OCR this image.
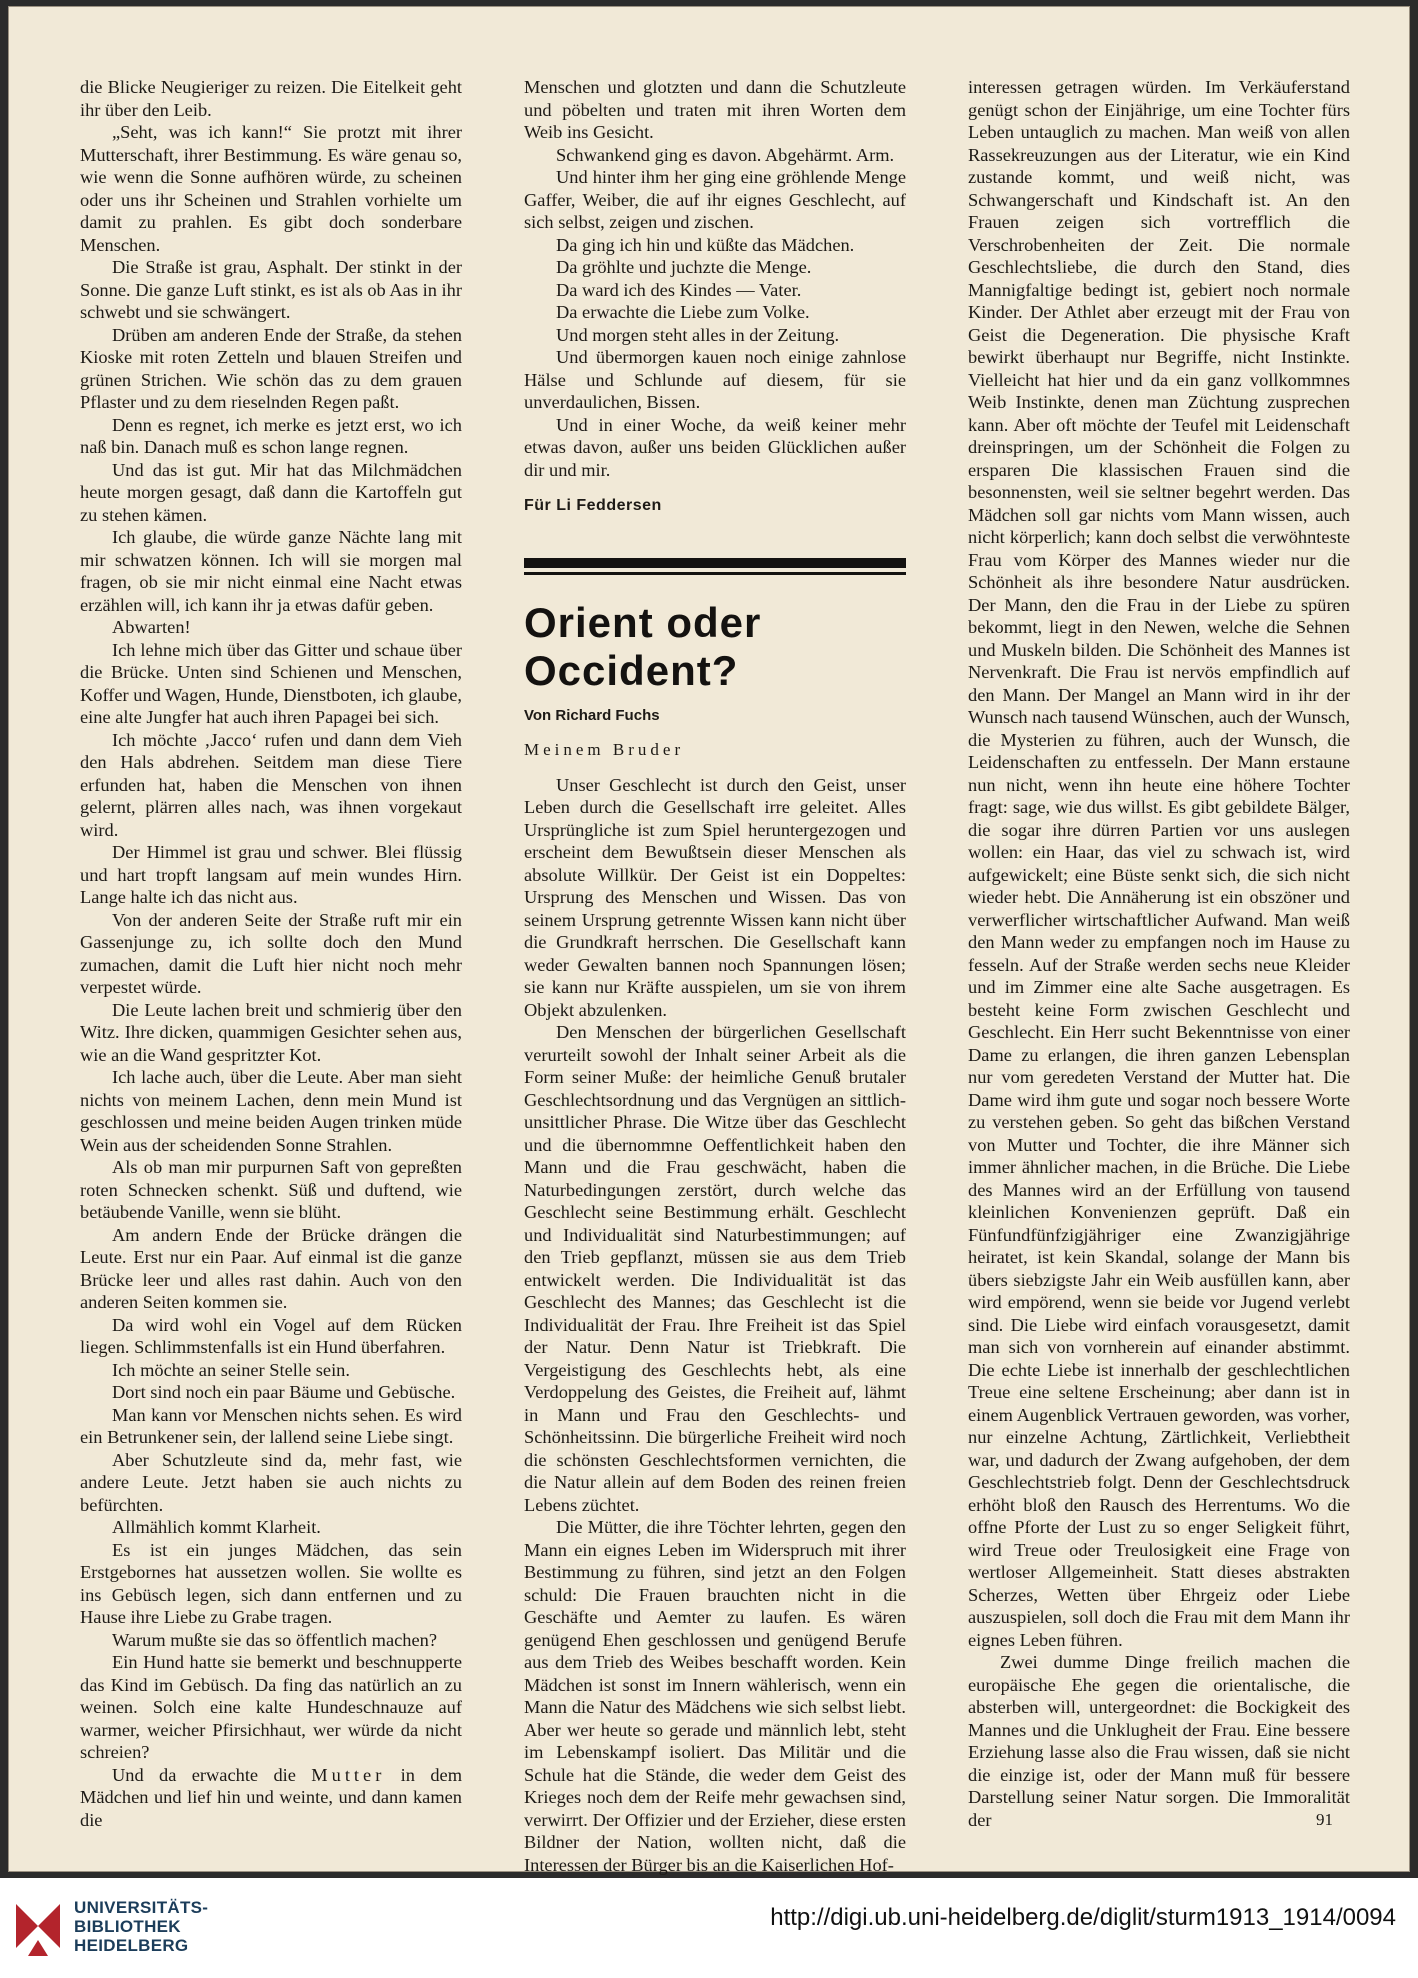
die Blicke Neugieriger zu reizen. Die Eitelkeit geht ihr über den Leib.

„Seht, was ich kann!“ Sie protzt mit ihrer Mutterschaft, ihrer Bestimmung. Es wäre genau so, wie wenn die Sonne aufhören würde, zu scheinen oder uns ihr Scheinen und Strahlen vorhielte um damit zu prahlen. Es gibt doch sonderbare Menschen.

Die Straße ist grau, Asphalt. Der stinkt in der Sonne. Die ganze Luft stinkt, es ist als ob Aas in ihr schwebt und sie schwängert.

Drüben am anderen Ende der Straße, da stehen Kioske mit roten Zetteln und blauen Streifen und grünen Strichen. Wie schön das zu dem grauen Pflaster und zu dem rieselnden Regen paßt.

Denn es regnet, ich merke es jetzt erst, wo ich naß bin. Danach muß es schon lange regnen.

Und das ist gut. Mir hat das Milchmädchen heute morgen gesagt, daß dann die Kartoffeln gut zu stehen kämen.

Ich glaube, die würde ganze Nächte lang mit mir schwatzen können. Ich will sie morgen mal fragen, ob sie mir nicht einmal eine Nacht etwas erzählen will, ich kann ihr ja etwas dafür geben.

Abwarten!

Ich lehne mich über das Gitter und schaue über die Brücke. Unten sind Schienen und Menschen, Koffer und Wagen, Hunde, Dienstboten, ich glaube, eine alte Jungfer hat auch ihren Papagei bei sich.

Ich möchte ‚Jacco‘ rufen und dann dem Vieh den Hals abdrehen. Seitdem man diese Tiere erfunden hat, haben die Menschen von ihnen gelernt, plärren alles nach, was ihnen vorgekaut wird.

Der Himmel ist grau und schwer. Blei flüssig und hart tropft langsam auf mein wundes Hirn. Lange halte ich das nicht aus.

Von der anderen Seite der Straße ruft mir ein Gassenjunge zu, ich sollte doch den Mund zumachen, damit die Luft hier nicht noch mehr verpestet würde.

Die Leute lachen breit und schmierig über den Witz. Ihre dicken, quammigen Gesichter sehen aus, wie an die Wand gespritzter Kot.

Ich lache auch, über die Leute. Aber man sieht nichts von meinem Lachen, denn mein Mund ist geschlossen und meine beiden Augen trinken müde Wein aus der scheidenden Sonne Strahlen.

Als ob man mir purpurnen Saft von gepreßten roten Schnecken schenkt. Süß und duftend, wie betäubende Vanille, wenn sie blüht.

Am andern Ende der Brücke drängen die Leute. Erst nur ein Paar. Auf einmal ist die ganze Brücke leer und alles rast dahin. Auch von den anderen Seiten kommen sie.

Da wird wohl ein Vogel auf dem Rücken liegen. Schlimmstenfalls ist ein Hund überfahren.

Ich möchte an seiner Stelle sein.

Dort sind noch ein paar Bäume und Gebüsche.

Man kann vor Menschen nichts sehen. Es wird ein Betrunkener sein, der lallend seine Liebe singt.

Aber Schutzleute sind da, mehr fast, wie andere Leute. Jetzt haben sie auch nichts zu befürchten.

Allmählich kommt Klarheit.

Es ist ein junges Mädchen, das sein Erstgebornes hat aussetzen wollen. Sie wollte es ins Gebüsch legen, sich dann entfernen und zu Hause ihre Liebe zu Grabe tragen.

Warum mußte sie das so öffentlich machen?

Ein Hund hatte sie bemerkt und beschnupperte das Kind im Gebüsch. Da fing das natürlich an zu weinen. Solch eine kalte Hundeschnauze auf warmer, weicher Pfirsichhaut, wer würde da nicht schreien?

Und da erwachte die Mutter in dem Mädchen und lief hin und weinte, und dann kamen die

Menschen und glotzten und dann die Schutzleute und pöbelten und traten mit ihren Worten dem Weib ins Gesicht.

Schwankend ging es davon. Abgehärmt. Arm.

Und hinter ihm her ging eine gröhlende Menge Gaffer, Weiber, die auf ihr eignes Geschlecht, auf sich selbst, zeigen und zischen.

Da ging ich hin und küßte das Mädchen.

Da gröhlte und juchzte die Menge.

Da ward ich des Kindes — Vater.

Da erwachte die Liebe zum Volke.

Und morgen steht alles in der Zeitung.

Und übermorgen kauen noch einige zahnlose Hälse und Schlunde auf diesem, für sie unverdaulichen, Bissen.

Und in einer Woche, da weiß keiner mehr etwas davon, außer uns beiden Glücklichen außer dir und mir.

Für Li Feddersen

Orient oder Occident?

Von Richard Fuchs

Meinem Bruder

Unser Geschlecht ist durch den Geist, unser Leben durch die Gesellschaft irre geleitet. Alles Ursprüngliche ist zum Spiel heruntergezogen und erscheint dem Bewußtsein dieser Menschen als absolute Willkür. Der Geist ist ein Doppeltes: Ursprung des Menschen und Wissen. Das von seinem Ursprung getrennte Wissen kann nicht über die Grundkraft herrschen. Die Gesellschaft kann weder Gewalten bannen noch Spannungen lösen; sie kann nur Kräfte ausspielen, um sie von ihrem Objekt abzulenken.

Den Menschen der bürgerlichen Gesellschaft verurteilt sowohl der Inhalt seiner Arbeit als die Form seiner Muße: der heimliche Genuß brutaler Geschlechtsordnung und das Vergnügen an sittlich-unsittlicher Phrase. Die Witze über das Geschlecht und die übernommne Oeffentlichkeit haben den Mann und die Frau geschwächt, haben die Naturbedingungen zerstört, durch welche das Geschlecht seine Bestimmung erhält. Geschlecht und Individualität sind Naturbestimmungen; auf den Trieb gepflanzt, müssen sie aus dem Trieb entwickelt werden. Die Individualität ist das Geschlecht des Mannes; das Geschlecht ist die Individualität der Frau. Ihre Freiheit ist das Spiel der Natur. Denn Natur ist Triebkraft. Die Vergeistigung des Geschlechts hebt, als eine Verdoppelung des Geistes, die Freiheit auf, lähmt in Mann und Frau den Geschlechts- und Schönheitssinn. Die bürgerliche Freiheit wird noch die schönsten Geschlechtsformen vernichten, die die Natur allein auf dem Boden des reinen freien Lebens züchtet.

Die Mütter, die ihre Töchter lehrten, gegen den Mann ein eignes Leben im Widerspruch mit ihrer Bestimmung zu führen, sind jetzt an den Folgen schuld: Die Frauen brauchten nicht in die Geschäfte und Aemter zu laufen. Es wären genügend Ehen geschlossen und genügend Berufe aus dem Trieb des Weibes beschafft worden. Kein Mädchen ist sonst im Innern wählerisch, wenn ein Mann die Natur des Mädchens wie sich selbst liebt. Aber wer heute so gerade und männlich lebt, steht im Lebenskampf isoliert. Das Militär und die Schule hat die Stände, die weder dem Geist des Krieges noch dem der Reife mehr gewachsen sind, verwirrt. Der Offizier und der Erzieher, diese ersten Bildner der Nation, wollten nicht, daß die Interessen der Bürger bis an die Kaiserlichen Hof-

interessen getragen würden. Im Verkäuferstand genügt schon der Einjährige, um eine Tochter fürs Leben untauglich zu machen. Man weiß von allen Rassekreuzungen aus der Literatur, wie ein Kind zustande kommt, und weiß nicht, was Schwangerschaft und Kindschaft ist. An den Frauen zeigen sich vortrefflich die Verschrobenheiten der Zeit. Die normale Geschlechtsliebe, die durch den Stand, dies Mannigfaltige bedingt ist, gebiert noch normale Kinder. Der Athlet aber erzeugt mit der Frau von Geist die Degeneration. Die physische Kraft bewirkt überhaupt nur Begriffe, nicht Instinkte. Vielleicht hat hier und da ein ganz vollkommnes Weib Instinkte, denen man Züchtung zusprechen kann. Aber oft möchte der Teufel mit Leidenschaft dreinspringen, um der Schönheit die Folgen zu ersparen Die klassischen Frauen sind die besonnensten, weil sie seltner begehrt werden. Das Mädchen soll gar nichts vom Mann wissen, auch nicht körperlich; kann doch selbst die verwöhnteste Frau vom Körper des Mannes wieder nur die Schönheit als ihre besondere Natur ausdrücken. Der Mann, den die Frau in der Liebe zu spüren bekommt, liegt in den Newen, welche die Sehnen und Muskeln bilden. Die Schönheit des Mannes ist Nervenkraft. Die Frau ist nervös empfindlich auf den Mann. Der Mangel an Mann wird in ihr der Wunsch nach tausend Wünschen, auch der Wunsch, die Mysterien zu führen, auch der Wunsch, die Leidenschaften zu entfesseln. Der Mann erstaune nun nicht, wenn ihn heute eine höhere Tochter fragt: sage, wie dus willst. Es gibt gebildete Bälger, die sogar ihre dürren Partien vor uns auslegen wollen: ein Haar, das viel zu schwach ist, wird aufgewickelt; eine Büste senkt sich, die sich nicht wieder hebt. Die Annäherung ist ein obszöner und verwerflicher wirtschaftlicher Aufwand. Man weiß den Mann weder zu empfangen noch im Hause zu fesseln. Auf der Straße werden sechs neue Kleider und im Zimmer eine alte Sache ausgetragen. Es besteht keine Form zwischen Geschlecht und Geschlecht. Ein Herr sucht Bekenntnisse von einer Dame zu erlangen, die ihren ganzen Lebensplan nur vom geredeten Verstand der Mutter hat. Die Dame wird ihm gute und sogar noch bessere Worte zu verstehen geben. So geht das bißchen Verstand von Mutter und Tochter, die ihre Männer sich immer ähnlicher machen, in die Brüche. Die Liebe des Mannes wird an der Erfüllung von tausend kleinlichen Konvenienzen geprüft. Daß ein Fünfundfünfzigjähriger eine Zwanzigjährige heiratet, ist kein Skandal, solange der Mann bis übers siebzigste Jahr ein Weib ausfüllen kann, aber wird empörend, wenn sie beide vor Jugend verlebt sind. Die Liebe wird einfach vorausgesetzt, damit man sich von vornherein auf einander abstimmt. Die echte Liebe ist innerhalb der geschlechtlichen Treue eine seltene Erscheinung; aber dann ist in einem Augenblick Vertrauen geworden, was vorher, nur einzelne Achtung, Zärtlichkeit, Verliebtheit war, und dadurch der Zwang aufgehoben, der dem Geschlechtstrieb folgt. Denn der Geschlechtsdruck erhöht bloß den Rausch des Herrentums. Wo die offne Pforte der Lust zu so enger Seligkeit führt, wird Treue oder Treulosigkeit eine Frage von wertloser Allgemeinheit. Statt dieses abstrakten Scherzes, Wetten über Ehrgeiz oder Liebe auszuspielen, soll doch die Frau mit dem Mann ihr eignes Leben führen.

Zwei dumme Dinge freilich machen die europäische Ehe gegen die orientalische, die absterben will, untergeordnet: die Bockigkeit des Mannes und die Unklugheit der Frau. Eine bessere Erziehung lasse also die Frau wissen, daß sie nicht die einzige ist, oder der Mann muß für bessere Darstellung seiner Natur sorgen. Die Immoralität der	91
UNIVERSITÄTS-
BIBLIOTHEK
HEIDELBERG
http://digi.ub.uni-heidelberg.de/diglit/sturm1913_1914/0094
